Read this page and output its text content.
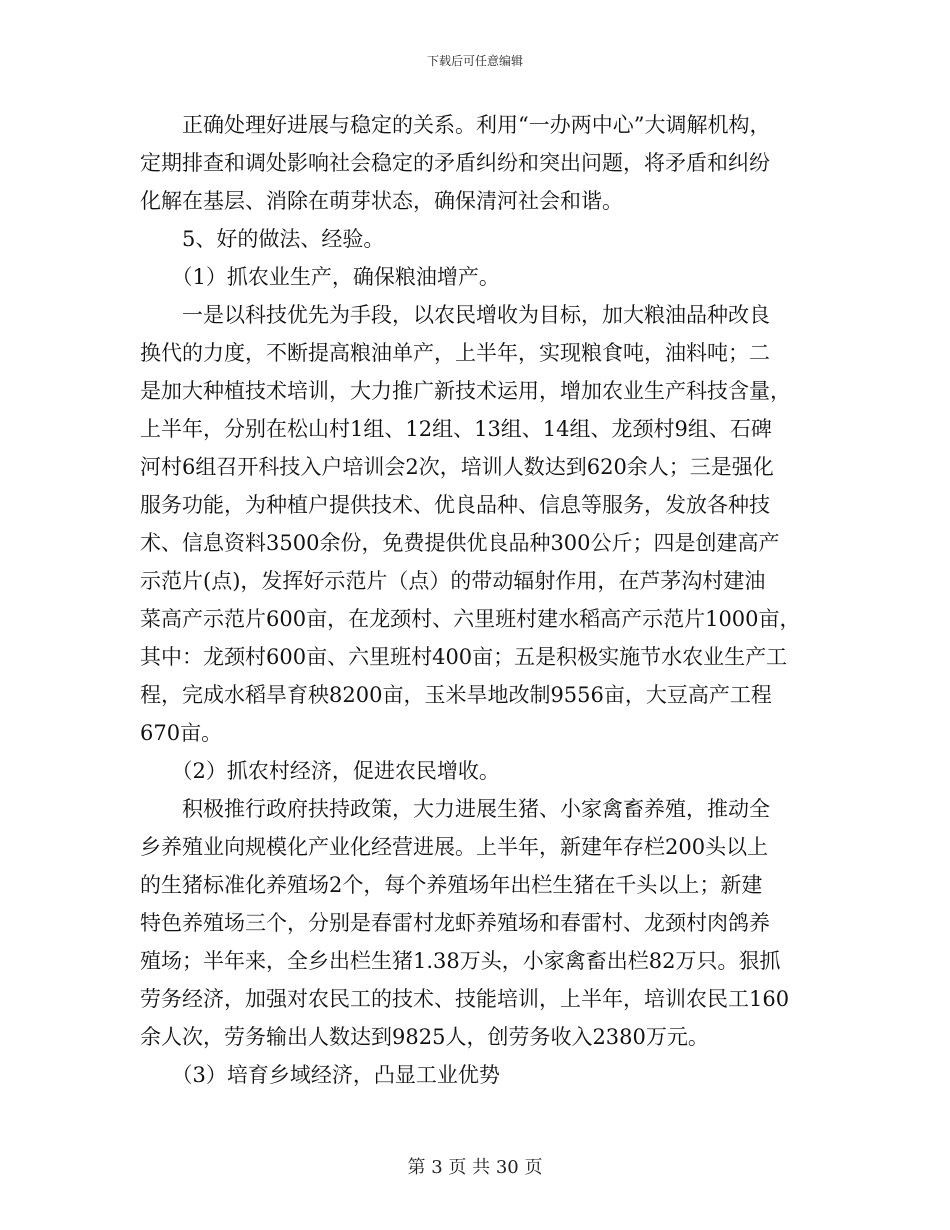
下载后可任意编辑

　　正确处理好进展与稳定的关系。利用“一办两中心”大调解机构，

定期排查和调处影响社会稳定的矛盾纠纷和突出问题，将矛盾和纠纷

化解在基层、消除在萌芽状态，确保清河社会和谐。

　　5、好的做法、经验。

　　（1）抓农业生产，确保粮油增产。

　　一是以科技优先为手段，以农民增收为目标，加大粮油品种改良

换代的力度，不断提高粮油单产，上半年，实现粮食吨，油料吨；二

是加大种植技术培训，大力推广新技术运用，增加农业生产科技含量，

上半年，分别在松山村1组、12组、13组、14组、龙颈村9组、石碑

河村6组召开科技入户培训会2次，培训人数达到620余人；三是强化

服务功能，为种植户提供技术、优良品种、信息等服务，发放各种技

术、信息资料3500余份，免费提供优良品种300公斤；四是创建高产

示范片(点)，发挥好示范片（点）的带动辐射作用，在芦茅沟村建油

菜高产示范片600亩，在龙颈村、六里班村建水稻高产示范片1000亩，

其中：龙颈村600亩、六里班村400亩；五是积极实施节水农业生产工

程，完成水稻旱育秧8200亩，玉米旱地改制9556亩，大豆高产工程

670亩。

　　（2）抓农村经济，促进农民增收。

　　积极推行政府扶持政策，大力进展生猪、小家禽畜养殖，推动全

乡养殖业向规模化产业化经营进展。上半年，新建年存栏200头以上

的生猪标准化养殖场2个，每个养殖场年出栏生猪在千头以上；新建

特色养殖场三个，分别是春雷村龙虾养殖场和春雷村、龙颈村肉鸽养

殖场；半年来，全乡出栏生猪1.38万头，小家禽畜出栏82万只。狠抓

劳务经济，加强对农民工的技术、技能培训，上半年，培训农民工160

余人次，劳务输出人数达到9825人，创劳务收入2380万元。

　　（3）培育乡域经济，凸显工业优势

第 3 页 共 30 页
